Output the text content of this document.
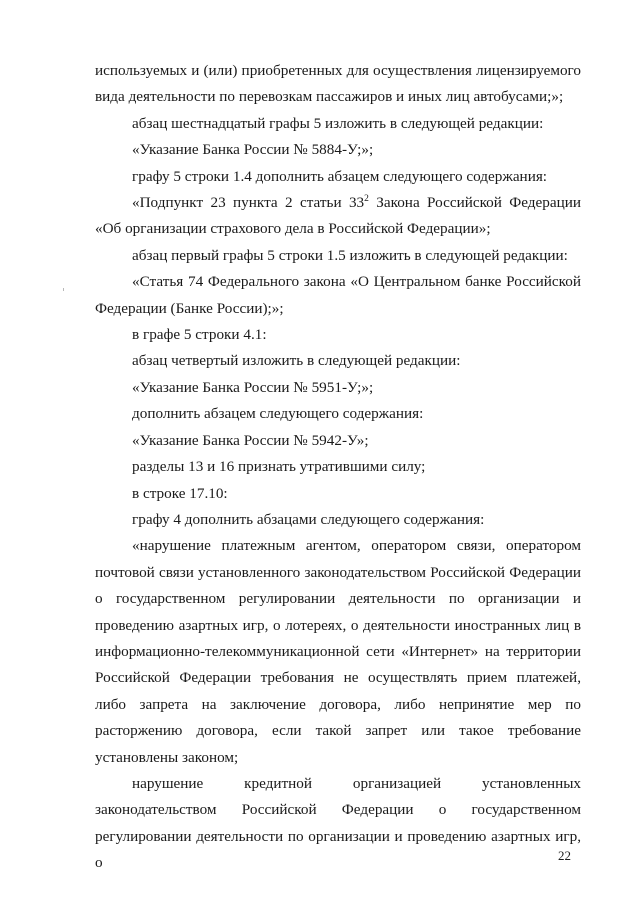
используемых и (или) приобретенных для осуществления лицензируемого вида деятельности по перевозкам пассажиров и иных лиц автобусами;»;

абзац шестнадцатый графы 5 изложить в следующей редакции:

«Указание Банка России № 5884-У;»;

графу 5 строки 1.4 дополнить абзацем следующего содержания:

«Подпункт 23 пункта 2 статьи $33^2$ Закона Российской Федерации «Об организации страхового дела в Российской Федерации»;

абзац первый графы 5 строки 1.5 изложить в следующей редакции:

«Статья 74 Федерального закона «О Центральном банке Российской Федерации (Банке России);»;

в графе 5 строки 4.1:

абзац четвертый изложить в следующей редакции:

«Указание Банка России № 5951-У;»;

дополнить абзацем следующего содержания:

«Указание Банка России № 5942-У»;

разделы 13 и 16 признать утратившими силу;

в строке 17.10:

графу 4 дополнить абзацами следующего содержания:

«нарушение платежным агентом, оператором связи, оператором почтовой связи установленного законодательством Российской Федерации о государственном регулировании деятельности по организации и проведению азартных игр, о лотереях, о деятельности иностранных лиц в информационно-телекоммуникационной сети «Интернет» на территории Российской Федерации требования не осуществлять прием платежей, либо запрета на заключение договора, либо непринятие мер по расторжению договора, если такой запрет или такое требование установлены законом;

нарушение кредитной организацией установленных законодательством Российской Федерации о государственном регулировании деятельности по организации и проведению азартных игр, о	22
